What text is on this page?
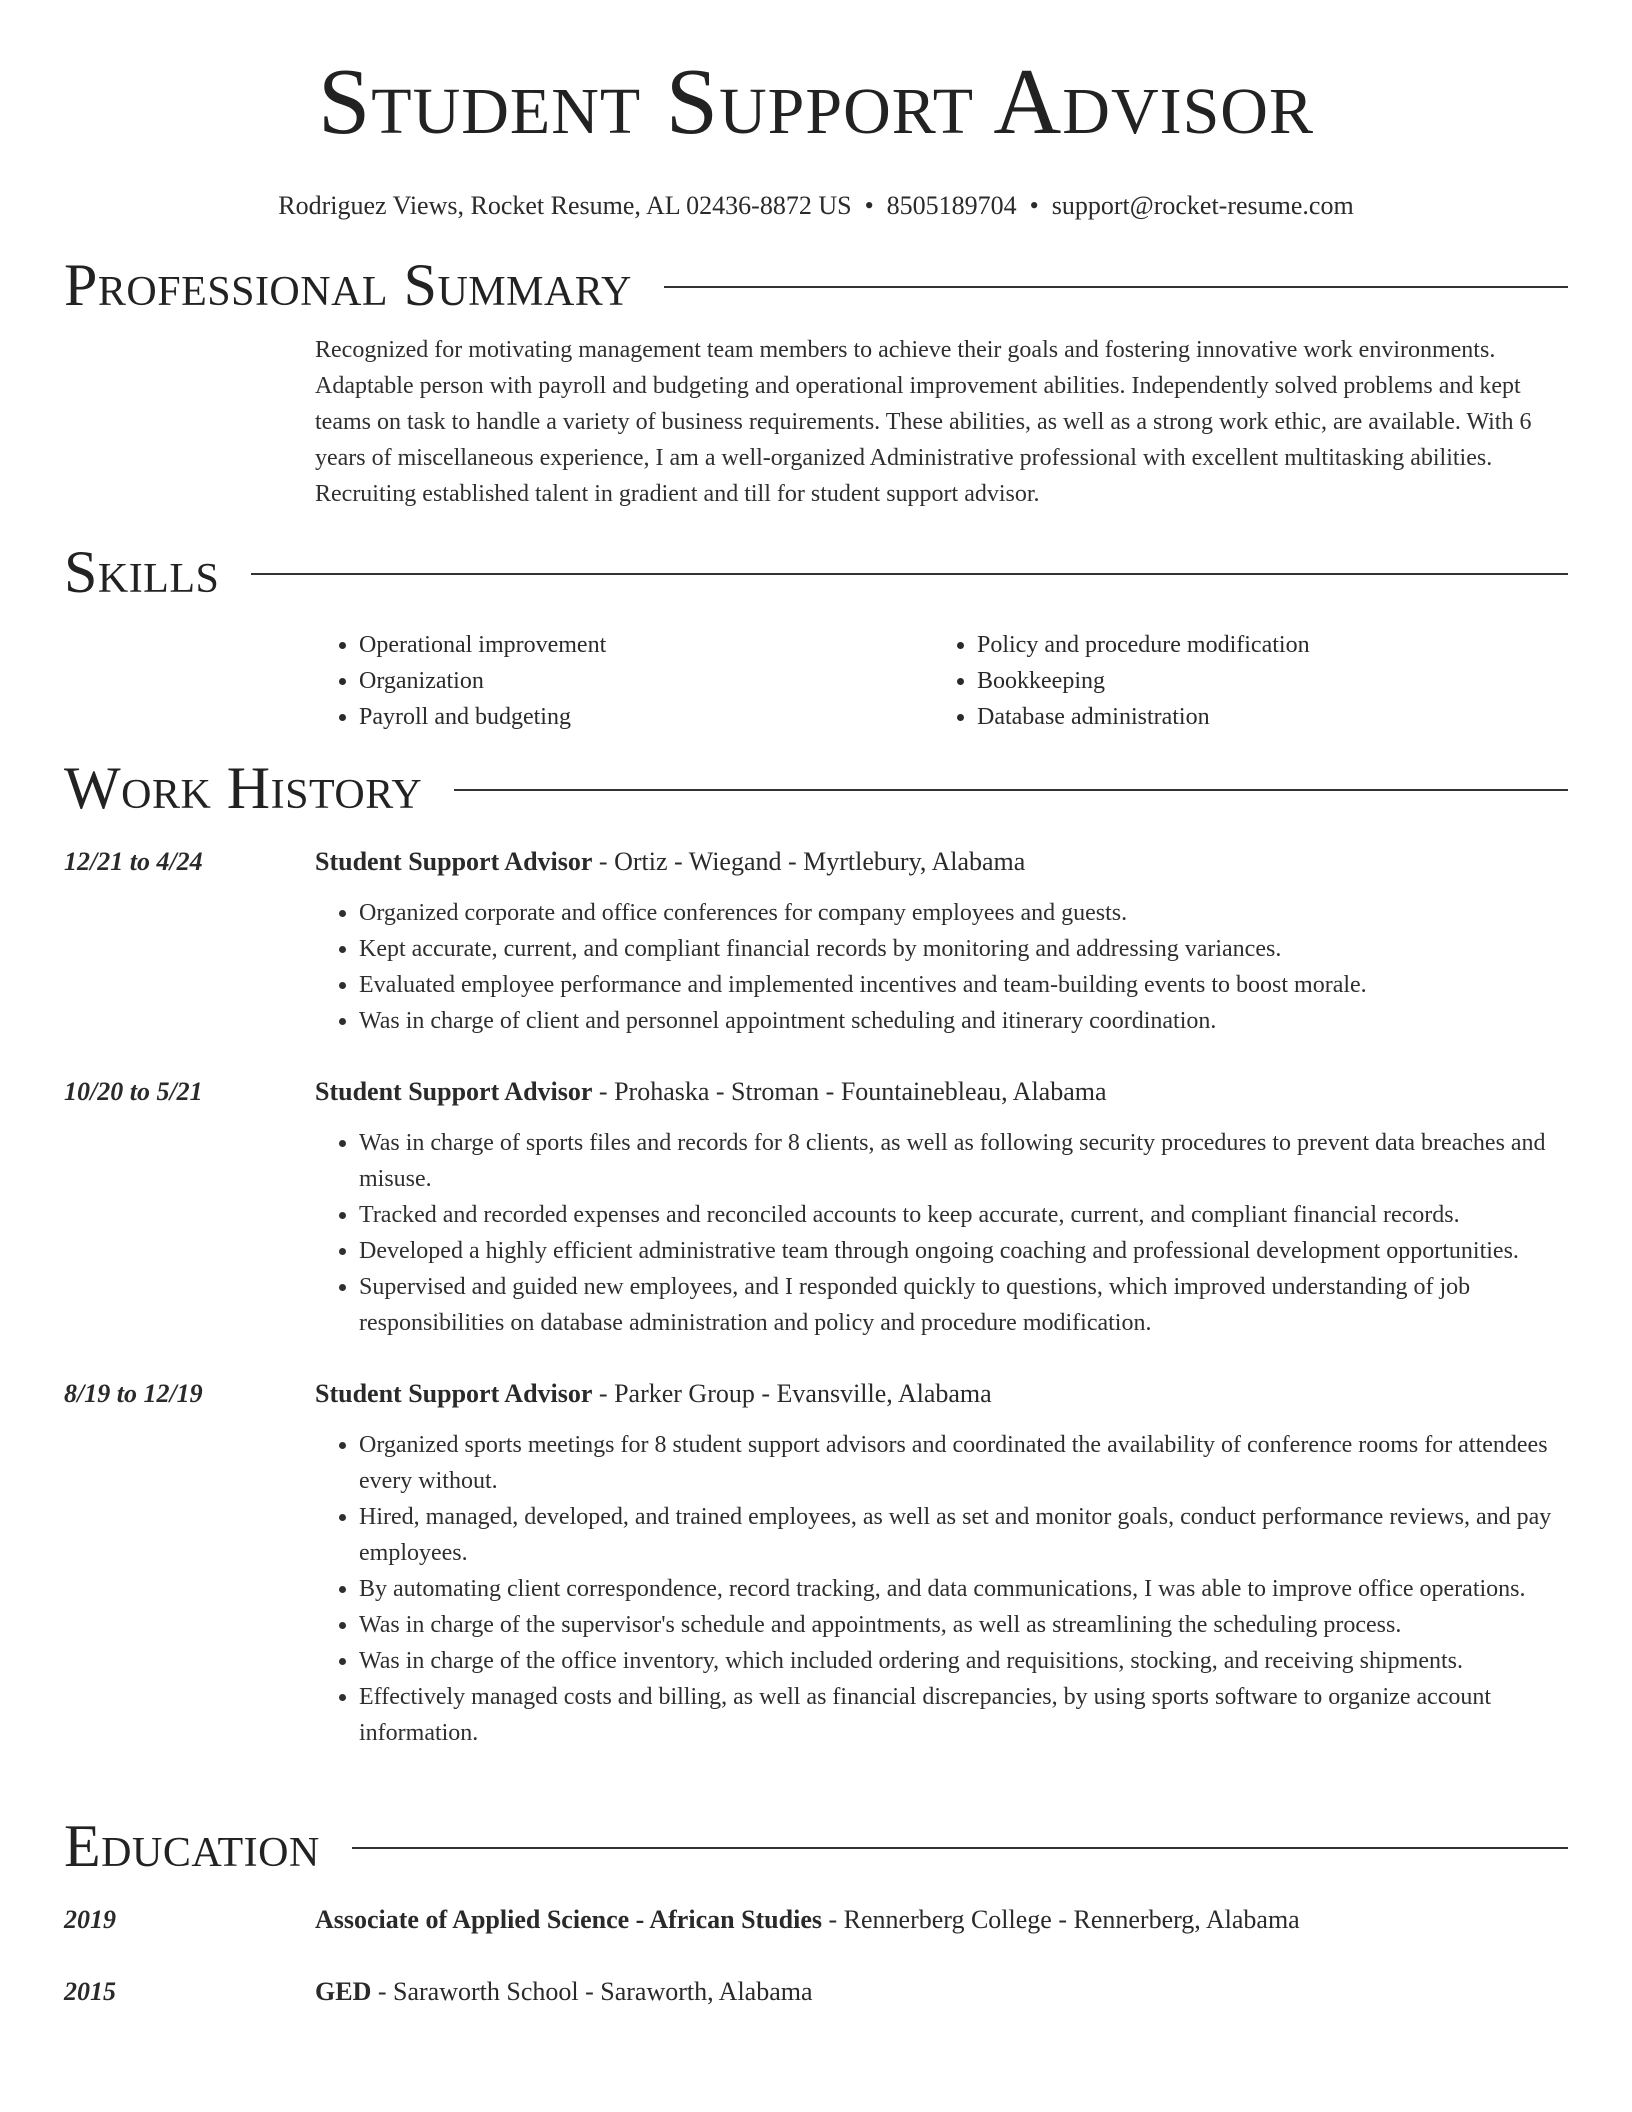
Student Support Advisor
Rodriguez Views, Rocket Resume, AL 02436-8872 US • 8505189704 • support@rocket-resume.com
Professional Summary

Recognized for motivating management team members to achieve their goals and fostering innovative work environments. Adaptable person with payroll and budgeting and operational improvement abilities. Independently solved problems and kept teams on task to handle a variety of business requirements. These abilities, as well as a strong work ethic, are available. With 6 years of miscellaneous experience, I am a well-organized Administrative professional with excellent multitasking abilities. Recruiting established talent in gradient and till for student support advisor.

Skills
• Operational improvement
• Organization
• Payroll and budgeting
• Policy and procedure modification
• Bookkeeping
• Database administration
Work History
12/21 to 4/24	Student Support Advisor - Ortiz - Wiegand - Myrtlebury, Alabama
• Organized corporate and office conferences for company employees and guests.
• Kept accurate, current, and compliant financial records by monitoring and addressing variances.
• Evaluated employee performance and implemented incentives and team-building events to boost morale.
• Was in charge of client and personnel appointment scheduling and itinerary coordination.
10/20 to 5/21	Student Support Advisor - Prohaska - Stroman - Fountainebleau, Alabama
• Was in charge of sports files and records for 8 clients, as well as following security procedures to prevent data breaches and misuse.
• Tracked and recorded expenses and reconciled accounts to keep accurate, current, and compliant financial records.
• Developed a highly efficient administrative team through ongoing coaching and professional development opportunities.
• Supervised and guided new employees, and I responded quickly to questions, which improved understanding of job responsibilities on database administration and policy and procedure modification.
8/19 to 12/19	Student Support Advisor - Parker Group - Evansville, Alabama
• Organized sports meetings for 8 student support advisors and coordinated the availability of conference rooms for attendees every without.
• Hired, managed, developed, and trained employees, as well as set and monitor goals, conduct performance reviews, and pay employees.
• By automating client correspondence, record tracking, and data communications, I was able to improve office operations.
• Was in charge of the supervisor's schedule and appointments, as well as streamlining the scheduling process.
• Was in charge of the office inventory, which included ordering and requisitions, stocking, and receiving shipments.
• Effectively managed costs and billing, as well as financial discrepancies, by using sports software to organize account information.
Education
2019	Associate of Applied Science - African Studies - Rennerberg College - Rennerberg, Alabama
2015	GED - Saraworth School - Saraworth, Alabama
